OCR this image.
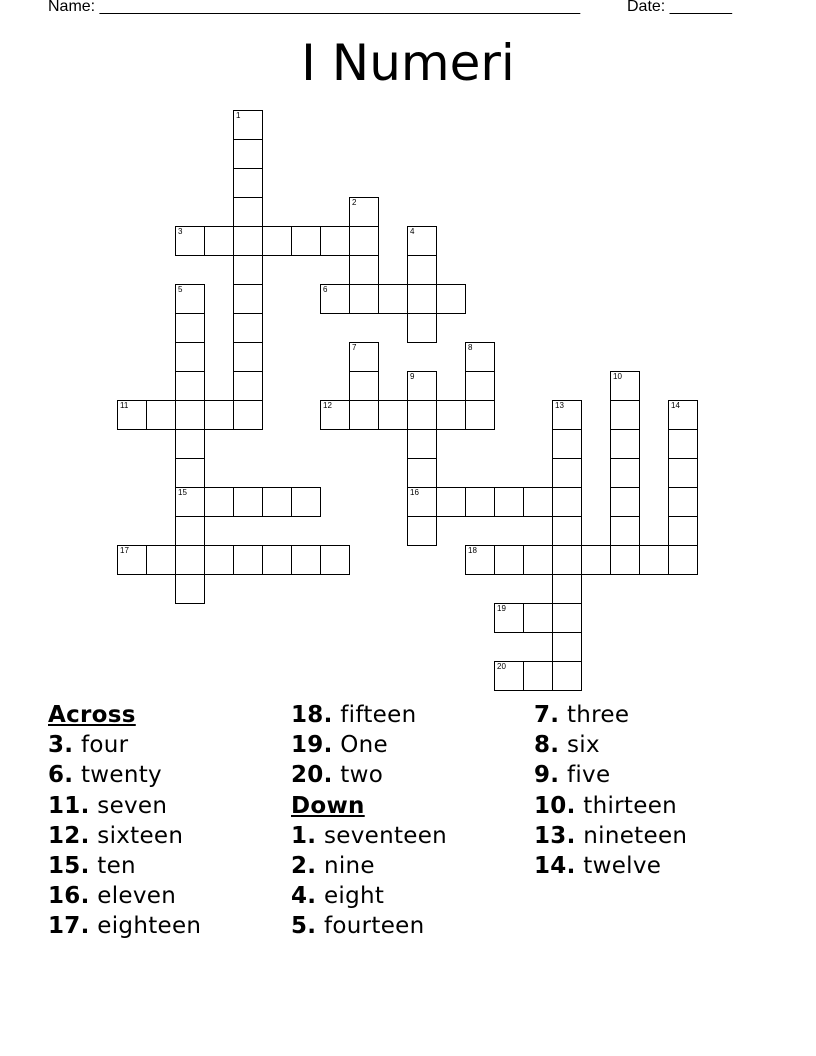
Name: ______________________________________________________	Date: _______
I Numeri
1
2
3	4
5
15
6
7	8
9
16
10
11	12	13	14
17	18
19
20
Across
3. four
6. twenty
11. seven
12. sixteen
15. ten
16. eleven
17. eighteen
18. fifteen
19. One
20. two
Down
1. seventeen
2. nine
4. eight
5. fourteen
7. three
8. six
9. five
10. thirteen
13. nineteen
14. twelve
